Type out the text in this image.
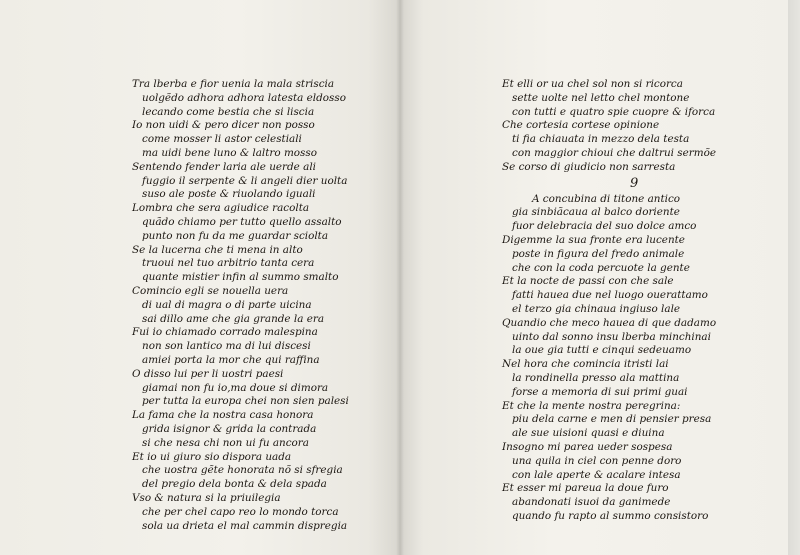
Tra lberba e fior uenia la mala striscia
uolgẽdo adhora adhora latesta eldosso
lecando come bestia che si liscia
Io non uidi & pero dicer non posso
come mosser li astor celestiali
ma uidi bene luno & laltro mosso
Sentendo fender laria ale uerde ali
fuggio il serpente & li angeli dier uolta
suso ale poste & riuolando iguali
Lombra che sera agiudice racolta
quãdo chiamo per tutto quello assalto
punto non fu da me guardar sciolta
Se la lucerna che ti mena in alto
truoui nel tuo arbitrio tanta cera
quante mistier infin al summo smalto
Comincio egli se nouella uera
di ual di magra o di parte uicina
sai dillo ame che gia grande la era
Fui io chiamado corrado malespina
non son lantico ma di lui discesi
amiei porta la mor che qui raffina
O disso lui per li uostri paesi
giamai non fu io,ma doue si dimora
per tutta la europa chei non sien palesi
La fama che la nostra casa honora
grida isignor & grida la contrada
si che nesa chi non ui fu ancora
Et io ui giuro sio dispora uada
che uostra gẽte honorata nõ si sfregia
del pregio dela bonta & dela spada
Vso & natura si la priuilegia
che per chel capo reo lo mondo torca
sola ua drieta el mal cammin dispregia
Et elli or ua chel sol non si ricorca
sette uolte nel letto chel montone
con tutti e quatro spie cuopre & iforca
Che cortesia cortese opinione
ti fia chiauata in mezzo dela testa
con maggior chioui che daltrui sermõe
Se corso di giudicio non sarresta
9
A concubina di titone antico
gia sinbiãcaua al balco doriente
fuor delebracia del suo dolce amco
Digemme la sua fronte era lucente
poste in figura del fredo animale
che con la coda percuote la gente
Et la nocte de passi con che sale
fatti hauea due nel luogo ouerattamo
el terzo gia chinaua ingiuso lale
Quandio che meco hauea di que dadamo
uinto dal sonno insu lberba minchinai
la oue gia tutti e cinqui sedeuamo
Nel hora che comincia itristi lai
la rondinella presso ala mattina
forse a memoria di sui primi guai
Et che la mente nostra peregrina:
piu dela carne e men di pensier presa
ale sue uisioni quasi e diuina
Insogno mi parea ueder sospesa
una quila in ciel con penne doro
con lale aperte & acalare intesa
Et esser mi pareua la doue furo
abandonati isuoi da ganimede
quando fu rapto al summo consistoro
